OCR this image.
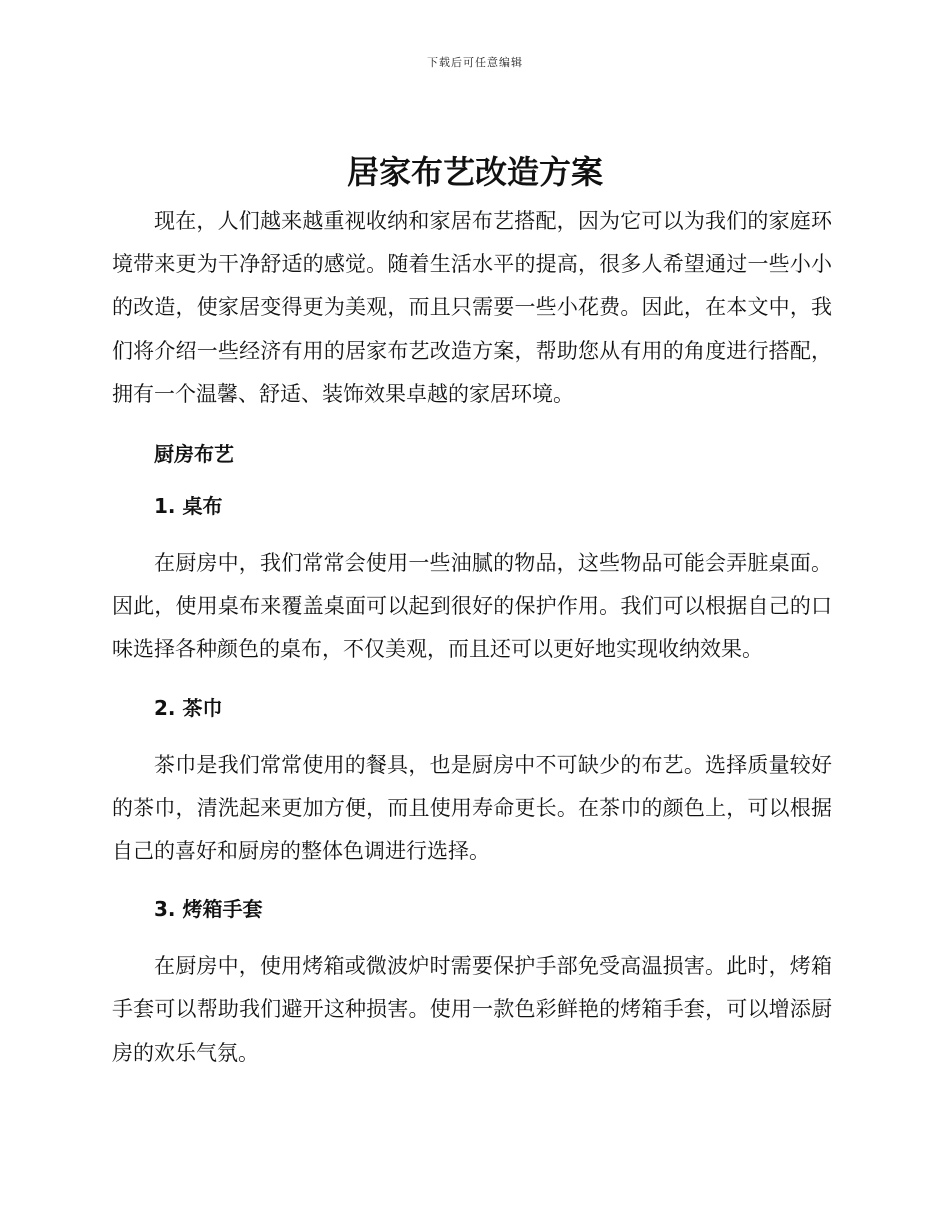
下载后可任意编辑
居家布艺改造方案

现在，人们越来越重视收纳和家居布艺搭配，因为它可以为我们的家庭环境带来更为干净舒适的感觉。随着生活水平的提高，很多人希望通过一些小小的改造，使家居变得更为美观，而且只需要一些小花费。因此，在本文中，我们将介绍一些经济有用的居家布艺改造方案，帮助您从有用的角度进行搭配，拥有一个温馨、舒适、装饰效果卓越的家居环境。

厨房布艺

1. 桌布

在厨房中，我们常常会使用一些油腻的物品，这些物品可能会弄脏桌面。因此，使用桌布来覆盖桌面可以起到很好的保护作用。我们可以根据自己的口味选择各种颜色的桌布，不仅美观，而且还可以更好地实现收纳效果。

2. 茶巾

茶巾是我们常常使用的餐具，也是厨房中不可缺少的布艺。选择质量较好的茶巾，清洗起来更加方便，而且使用寿命更长。在茶巾的颜色上，可以根据自己的喜好和厨房的整体色调进行选择。

3. 烤箱手套

在厨房中，使用烤箱或微波炉时需要保护手部免受高温损害。此时，烤箱手套可以帮助我们避开这种损害。使用一款色彩鲜艳的烤箱手套，可以增添厨房的欢乐气氛。
